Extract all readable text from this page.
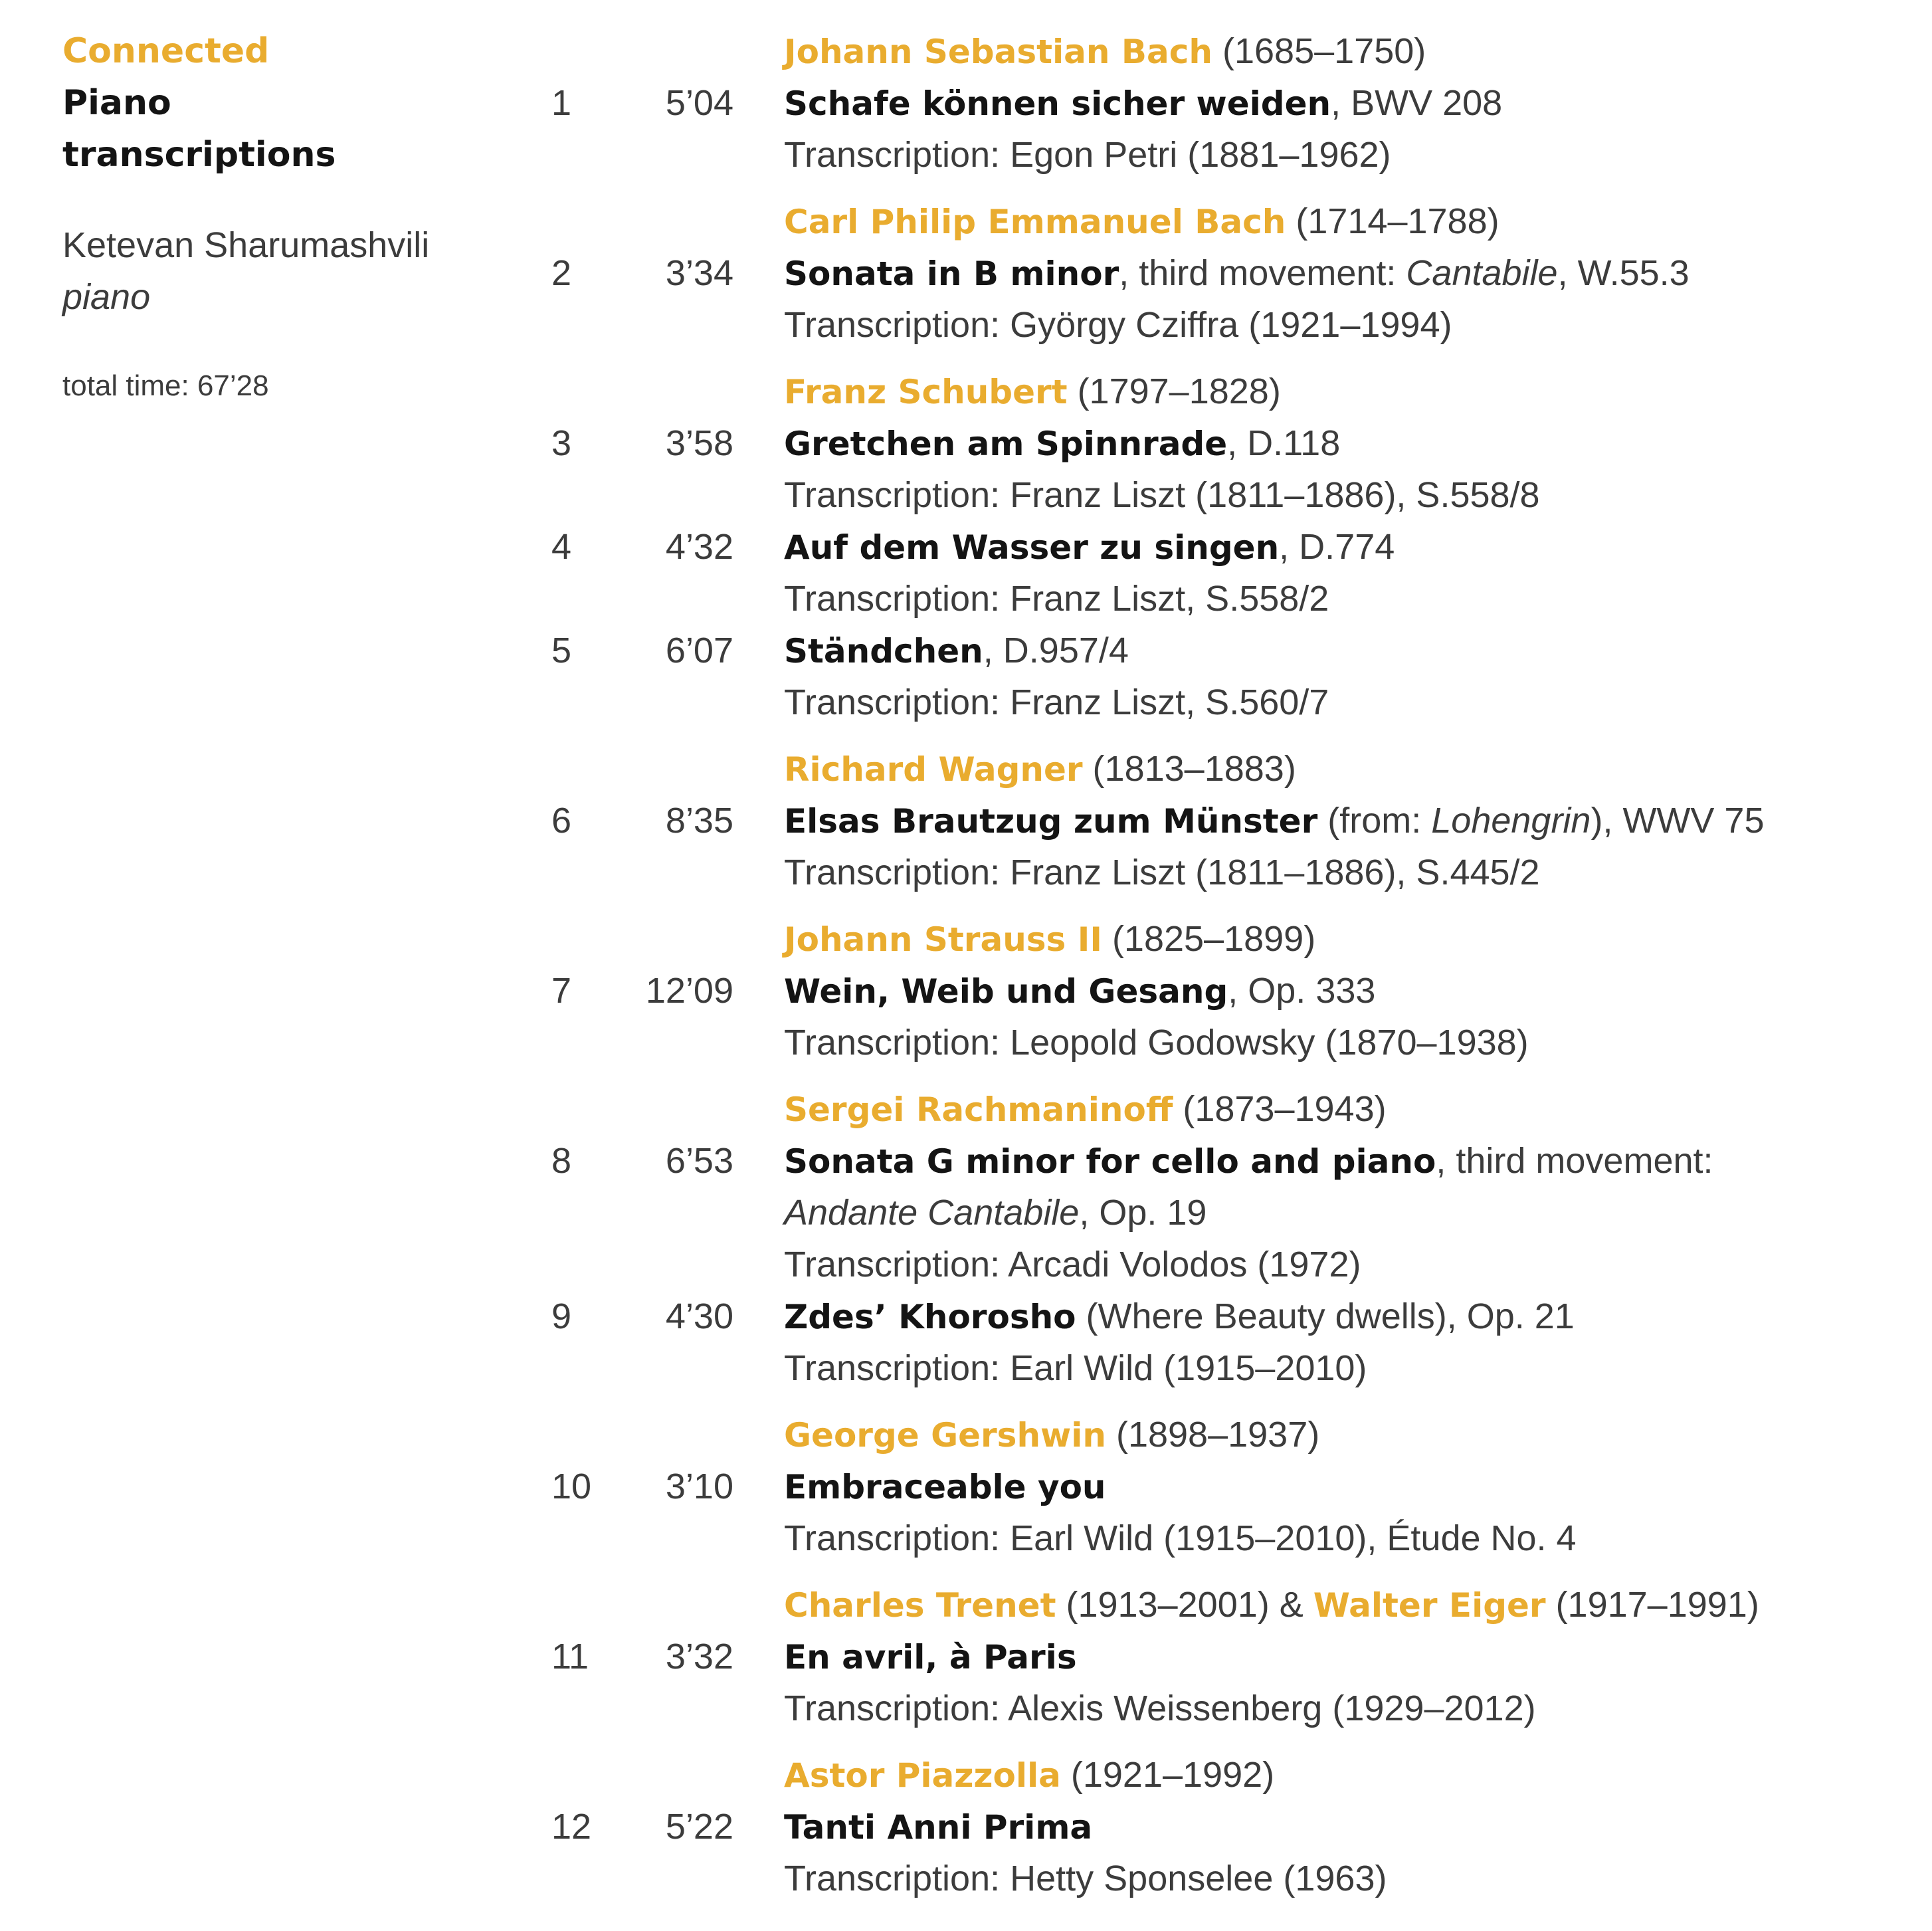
Connected
Piano
transcriptions
Ketevan Sharumashvili
piano
total time: 67’28
Johann Sebastian Bach (1685–1750)
1	5’04 Schafe können sicher weiden, BWV 208
Transcription: Egon Petri (1881–1962)
Carl Philip Emmanuel Bach (1714–1788)
2	3’34 Sonata in B minor, third movement: Cantabile, W.55.3
Transcription: György Cziffra (1921–1994)
Franz Schubert (1797–1828)
3	3’58 Gretchen am Spinnrade, D.118
Transcription: Franz Liszt (1811–1886), S.558/8
4	4’32 Auf dem Wasser zu singen, D.774
Transcription: Franz Liszt, S.558/2
5	6’07 Ständchen, D.957/4
Transcription: Franz Liszt, S.560/7
Richard Wagner (1813–1883)
6	8’35 Elsas Brautzug zum Münster (from: Lohengrin), WWV 75
Transcription: Franz Liszt (1811–1886), S.445/2
Johann Strauss II (1825–1899)
7	12’09 Wein, Weib und Gesang, Op. 333
Transcription: Leopold Godowsky (1870–1938)
Sergei Rachmaninoff (1873–1943)
8	6’53 Sonata G minor for cello and piano, third movement:
Andante Cantabile, Op. 19
Transcription: Arcadi Volodos (1972)
9	4’30 Zdes’ Khorosho (Where Beauty dwells), Op. 21
Transcription: Earl Wild (1915–2010)
George Gershwin (1898–1937)
10	3’10 Embraceable you
Transcription: Earl Wild (1915–2010), Étude No. 4
Charles Trenet (1913–2001) & Walter Eiger (1917–1991)
11	3’32 En avril, à Paris
Transcription: Alexis Weissenberg (1929–2012)
Astor Piazzolla (1921–1992)
12	5’22 Tanti Anni Prima
Transcription: Hetty Sponselee (1963)
